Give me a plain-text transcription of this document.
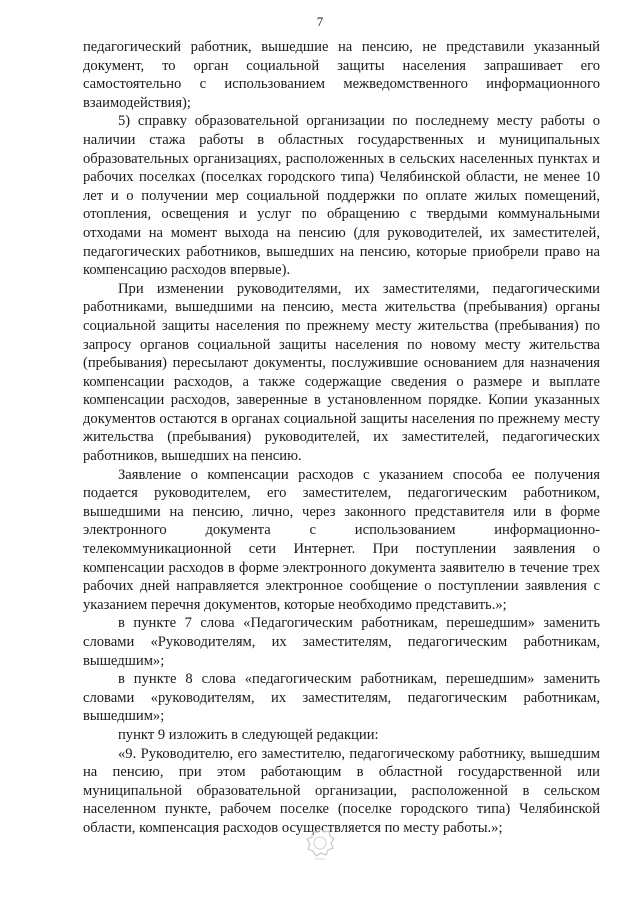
7

педагогический работник, вышедшие на пенсию, не представили указанный документ, то орган социальной защиты населения запрашивает его самостоятельно с использованием межведомственного информационного взаимодействия);

5) справку образовательной организации по последнему месту работы о наличии стажа работы в областных государственных и муниципальных образовательных организациях, расположенных в сельских населенных пунктах и рабочих поселках (поселках городского типа) Челябинской области, не менее 10 лет и о получении мер социальной поддержки по оплате жилых помещений, отопления, освещения и услуг по обращению с твердыми коммунальными отходами на момент выхода на пенсию (для руководителей, их заместителей, педагогических работников, вышедших на пенсию, которые приобрели право на компенсацию расходов впервые).

При изменении руководителями, их заместителями, педагогическими работниками, вышедшими на пенсию, места жительства (пребывания) органы социальной защиты населения по прежнему месту жительства (пребывания) по запросу органов социальной защиты населения по новому месту жительства (пребывания) пересылают документы, послужившие основанием для назначения компенсации расходов, а также содержащие сведения о размере и выплате компенсации расходов, заверенные в установленном порядке. Копии указанных документов остаются в органах социальной защиты населения по прежнему месту жительства (пребывания) руководителей, их заместителей, педагогических работников, вышедших на пенсию.

Заявление о компенсации расходов с указанием способа ее получения подается руководителем, его заместителем, педагогическим работником, вышедшими на пенсию, лично, через законного представителя или в форме электронного документа с использованием информационно-телекоммуникационной сети Интернет. При поступлении заявления о компенсации расходов в форме электронного документа заявителю в течение трех рабочих дней направляется электронное сообщение о поступлении заявления с указанием перечня документов, которые необходимо представить.»;

в пункте 7 слова «Педагогическим работникам, перешедшим» заменить словами «Руководителям, их заместителям, педагогическим работникам, вышедшим»;

в пункте 8 слова «педагогическим работникам, перешедшим» заменить словами «руководителям, их заместителям, педагогическим работникам, вышедшим»;

пункт 9 изложить в следующей редакции:

«9. Руководителю, его заместителю, педагогическому работнику, вышедшим на пенсию, при этом работающим в областной государственной или муниципальной образовательной организации, расположенной в сельском населенном пункте, рабочем поселке (поселке городского типа) Челябинской области, компенсация расходов осуществляется по месту работы.»;
